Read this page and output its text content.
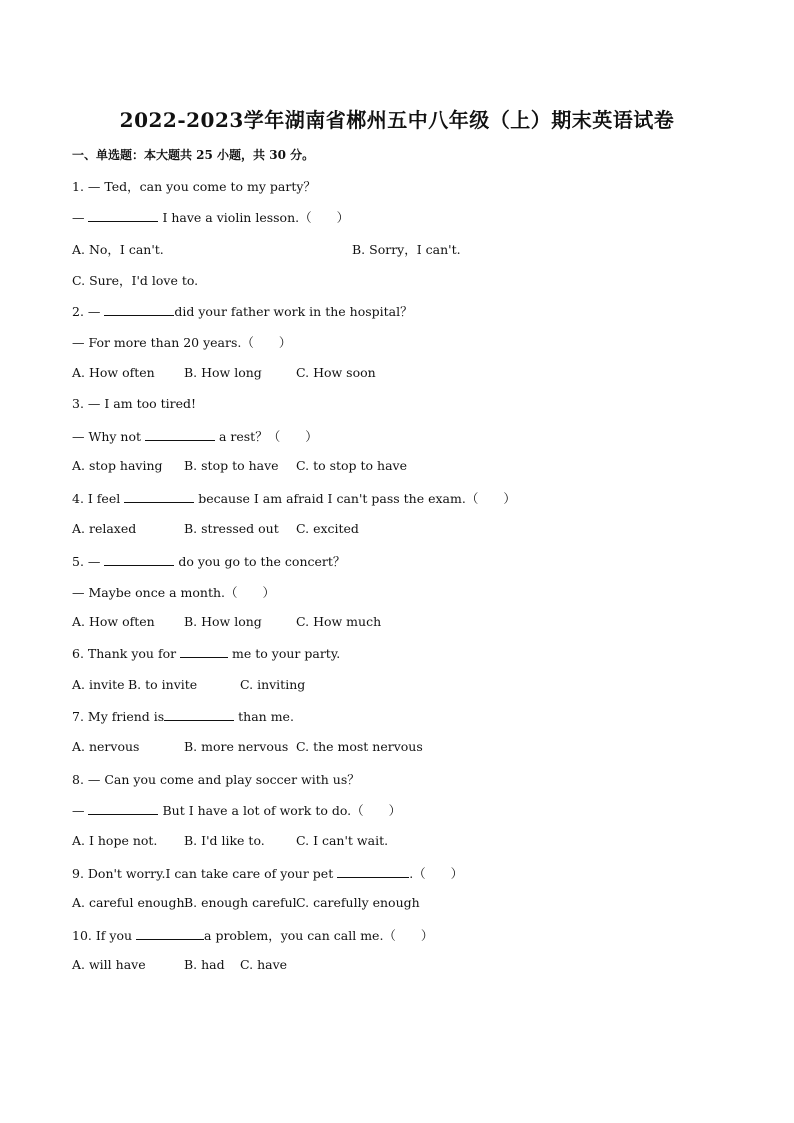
2022-2023学年湖南省郴州五中八年级（上）期末英语试卷
一、单选题：本大题共 25 小题，共 30 分。
1. — Ted，can you come to my party？
—	I have a violin lesson.（　　）
A. No，I can't.	B. Sorry，I can't.
C. Sure，I'd love to.
2. —	did your father work in the hospital？
— For more than 20 years.（　　）
A. How often B. How long	C. How soon
3. — I am too tired!
— Why not	a rest？（　　）
A. stop having B. stop to have C. to stop to have
4. I feel	because I am afraid I can't pass the exam.（　　）
A. relaxed	B. stressed out C. excited
5. —	do you go to the concert？
— Maybe once a month.（　　）
A. How often B. How long	C. How much
6. Thank you for	me to your party.
A. invite B. to invite	C. inviting
7. My friend is	than me.
A. nervous	B. more nervous C. the most nervous
8. — Can you come and play soccer with us？
—	But I have a lot of work to do.（　　）
A. I hope not. B. I'd like to.	C. I can't wait.
9. Don't worry.I can take care of your pet	.（　　）
A. careful enough B. enough careful C. carefully enough
10. If you	a problem，you can call me.（　　）
A. will have	B. had C. have
